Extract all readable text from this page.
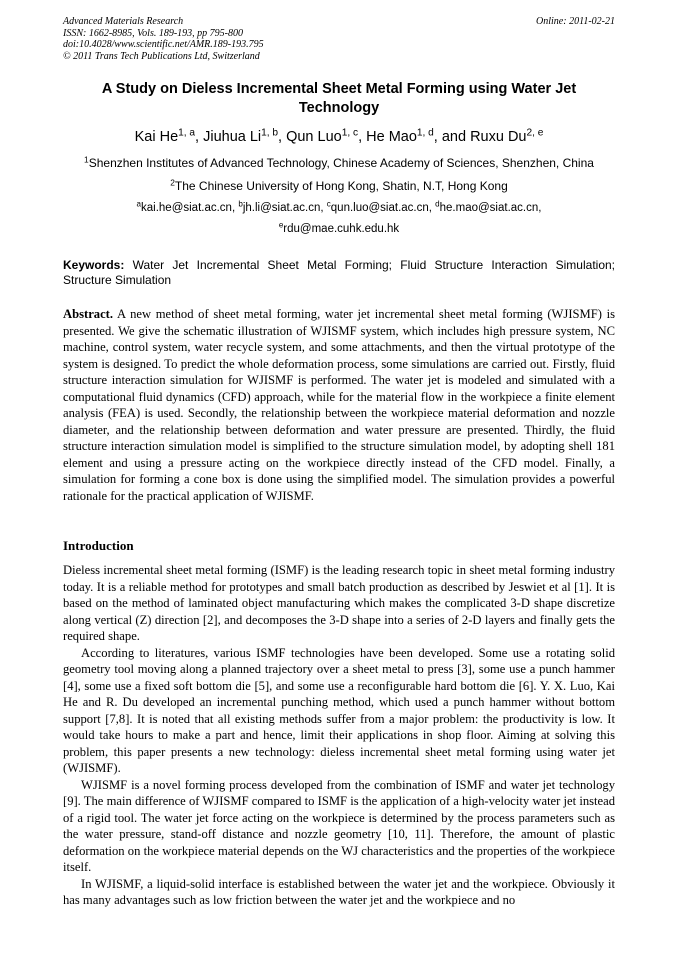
Advanced Materials Research	Online: 2011-02-21
ISSN: 1662-8985, Vols. 189-193, pp 795-800
doi:10.4028/www.scientific.net/AMR.189-193.795
© 2011 Trans Tech Publications Ltd, Switzerland
A Study on Dieless Incremental Sheet Metal Forming using Water Jet Technology
Kai He$^{1, a}$, Jiuhua Li$^{1, b}$, Qun Luo$^{1, c}$, He Mao$^{1, d}$, and Ruxu Du$^{2, e}$
$^1$Shenzhen Institutes of Advanced Technology, Chinese Academy of Sciences, Shenzhen, China
$^2$The Chinese University of Hong Kong, Shatin, N.T, Hong Kong
$^a$kai.he@siat.ac.cn, $^b$jh.li@siat.ac.cn, $^c$qun.luo@siat.ac.cn, $^d$he.mao@siat.ac.cn,
$^e$rdu@mae.cuhk.edu.hk
Keywords: Water Jet Incremental Sheet Metal Forming; Fluid Structure Interaction Simulation; Structure Simulation
Abstract. A new method of sheet metal forming, water jet incremental sheet metal forming (WJISMF) is presented. We give the schematic illustration of WJISMF system, which includes high pressure system, NC machine, control system, water recycle system, and some attachments, and then the virtual prototype of the system is designed. To predict the whole deformation process, some simulations are carried out. Firstly, fluid structure interaction simulation for WJISMF is performed. The water jet is modeled and simulated with a computational fluid dynamics (CFD) approach, while for the material flow in the workpiece a finite element analysis (FEA) is used. Secondly, the relationship between the workpiece material deformation and nozzle diameter, and the relationship between deformation and water pressure are presented. Thirdly, the fluid structure interaction simulation model is simplified to the structure simulation model, by adopting shell 181 element and using a pressure acting on the workpiece directly instead of the CFD model. Finally, a simulation for forming a cone box is done using the simplified model. The simulation provides a powerful rationale for the practical application of WJISMF.
Introduction

Dieless incremental sheet metal forming (ISMF) is the leading research topic in sheet metal forming industry today. It is a reliable method for prototypes and small batch production as described by Jeswiet et al [1]. It is based on the method of laminated object manufacturing which makes the complicated 3-D shape discretize along vertical (Z) direction [2], and decomposes the 3-D shape into a series of 2-D layers and finally gets the required shape.

According to literatures, various ISMF technologies have been developed. Some use a rotating solid geometry tool moving along a planned trajectory over a sheet metal to press [3], some use a punch hammer [4], some use a fixed soft bottom die [5], and some use a reconfigurable hard bottom die [6]. Y. X. Luo, Kai He and R. Du developed an incremental punching method, which used a punch hammer without bottom support [7,8]. It is noted that all existing methods suffer from a major problem: the productivity is low. It would take hours to make a part and hence, limit their applications in shop floor. Aiming at solving this problem, this paper presents a new technology: dieless incremental sheet metal forming using water jet (WJISMF).

WJISMF is a novel forming process developed from the combination of ISMF and water jet technology [9]. The main difference of WJISMF compared to ISMF is the application of a high-velocity water jet instead of a rigid tool. The water jet force acting on the workpiece is determined by the process parameters such as the water pressure, stand-off distance and nozzle geometry [10, 11]. Therefore, the amount of plastic deformation on the workpiece material depends on the WJ characteristics and the properties of the workpiece itself.

In WJISMF, a liquid-solid interface is established between the water jet and the workpiece. Obviously it has many advantages such as low friction between the water jet and the workpiece and no
